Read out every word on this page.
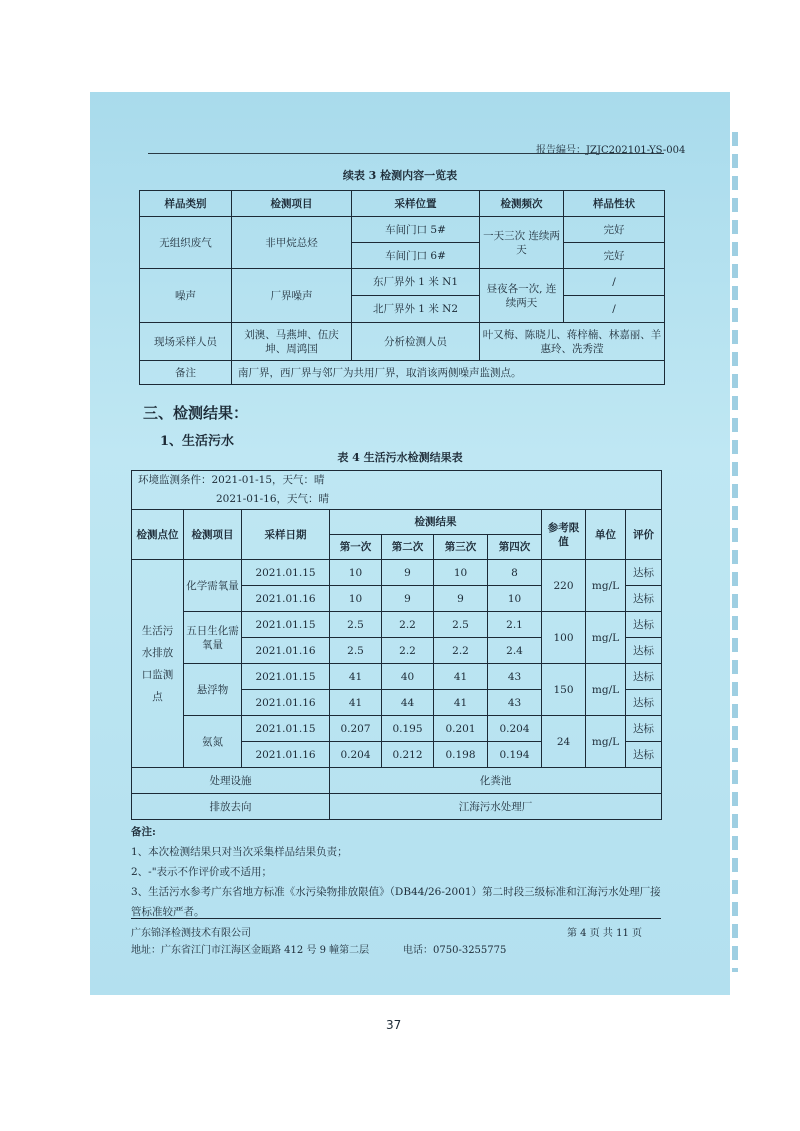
报告编号：JZJC202101-YS-004
续表 3 检测内容一览表
样品类别	检测项目	采样位置	检测频次	样品性状
无组织废气	非甲烷总烃	车间门口 5#	一天三次 连续两天	完好
		车间门口 6#		完好
噪声	厂界噪声	东厂界外 1 米 N1	昼夜各一次, 连续两天	/
		北厂界外 1 米 N2		/
现场采样人员	刘澳、马燕坤、伍庆坤、周鸿国	分析检测人员	叶又梅、陈晓儿、蒋梓楠、林嘉丽、羊惠玲、冼秀滢	
备注	南厂界，西厂界与邻厂为共用厂界，取消该两侧噪声监测点。			
三、检测结果：
1、生活污水
表 4 生活污水检测结果表
环境监测条件：2021-01-15，天气：晴
2021-01-16，天气：晴									

检测点位	检测项目	采样日期	检测结果				参考限值	单位	评价
			第一次	第二次	第三次	第四次			
生活污水排放口监测点	化学需氧量	2021.01.15	10	9	10	8	220	mg/L	达标
		2021.01.16	10	9	9	10			达标
	五日生化需氧量	2021.01.15	2.5	2.2	2.5	2.1	100	mg/L	达标
		2021.01.16	2.5	2.2	2.2	2.4			达标
	悬浮物	2021.01.15	41	40	41	43	150	mg/L	达标
		2021.01.16	41	44	41	43			达标
	氨氮	2021.01.15	0.207	0.195	0.201	0.204	24	mg/L	达标
		2021.01.16	0.204	0.212	0.198	0.194			达标
处理设施			化粪池						
排放去向			江海污水处理厂						
备注:
1、本次检测结果只对当次采集样品结果负责；
2、-"表示不作评价或不适用；
3、生活污水参考广东省地方标准《水污染物排放限值》（DB44/26-2001）第二时段三级标准和江海污水处理厂接管标准较严者。
广东锦泽检测技术有限公司	第 4 页 共 11 页
地址：广东省江门市江海区金瓯路 412 号 9 幢第二层	电话：0750-3255775
37
